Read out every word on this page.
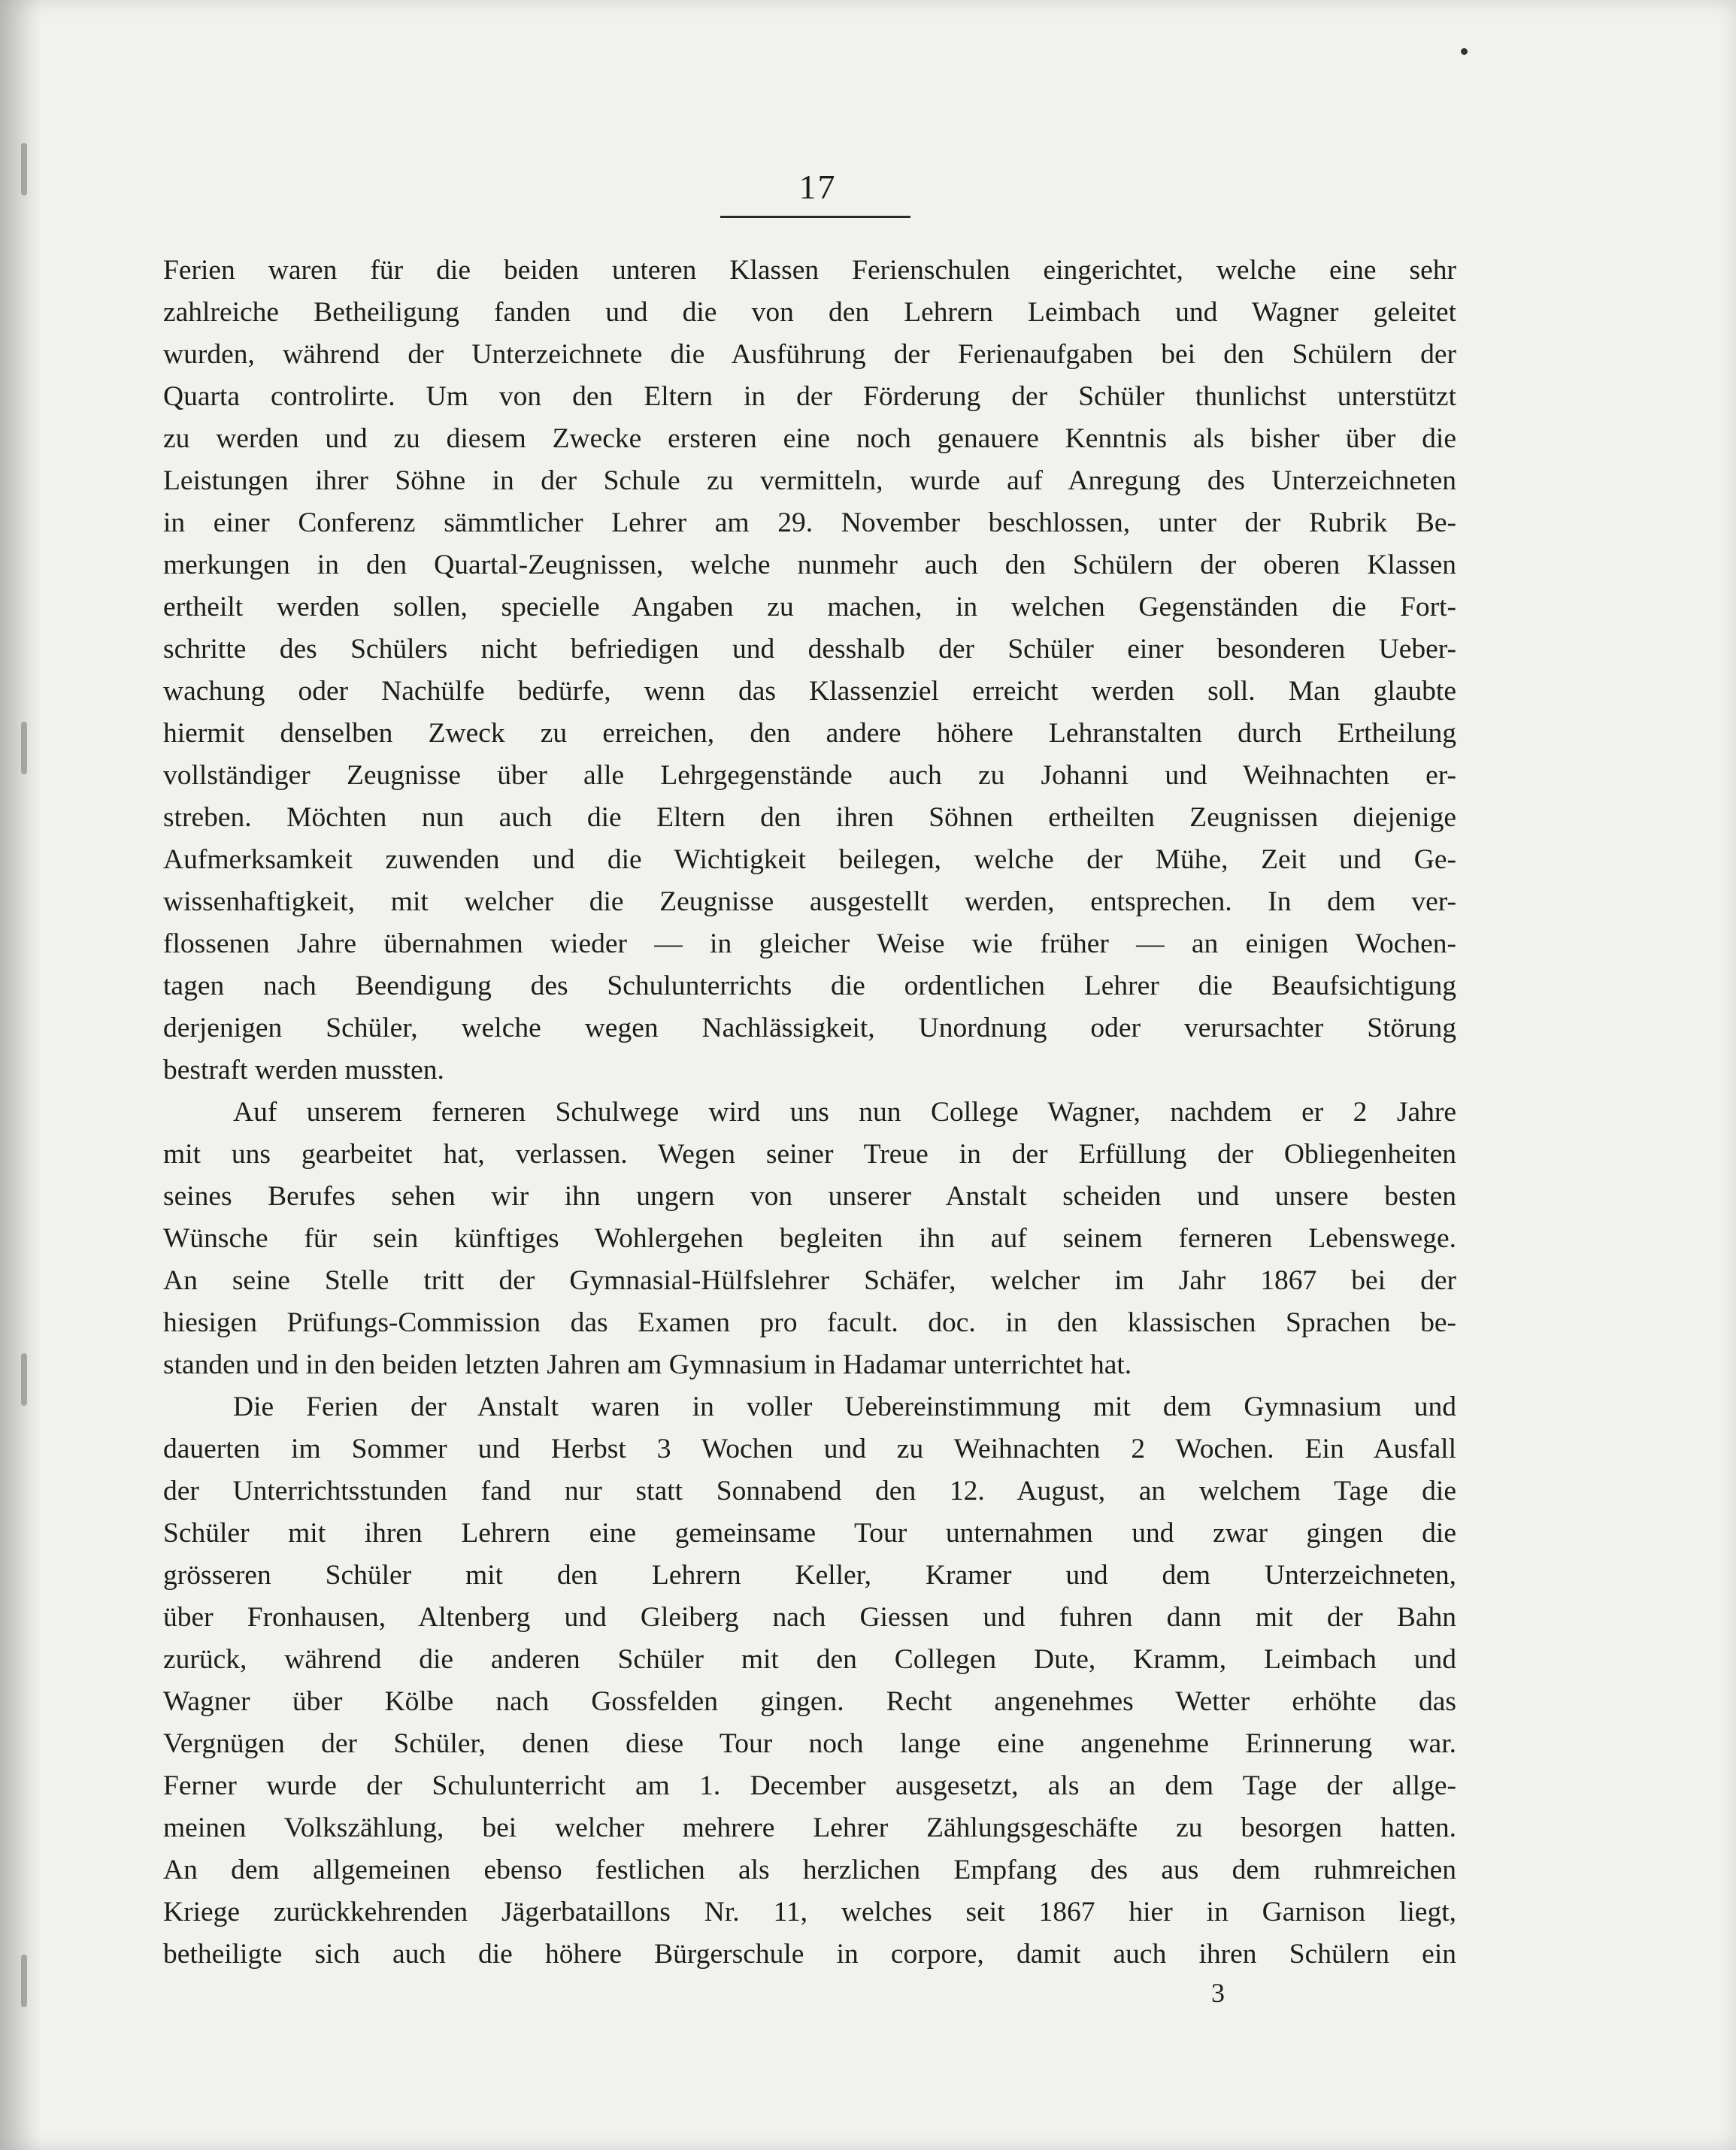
17
Ferien waren für die beiden unteren Klassen Ferienschulen eingerichtet, welche eine sehr
zahlreiche Betheiligung fanden und die von den Lehrern Leimbach und Wagner geleitet
wurden, während der Unterzeichnete die Ausführung der Ferienaufgaben bei den Schülern der
Quarta controlirte. Um von den Eltern in der Förderung der Schüler thunlichst unterstützt
zu werden und zu diesem Zwecke ersteren eine noch genauere Kenntnis als bisher über die
Leistungen ihrer Söhne in der Schule zu vermitteln, wurde auf Anregung des Unterzeichneten
in einer Conferenz sämmtlicher Lehrer am 29. November beschlossen, unter der Rubrik Be-
merkungen in den Quartal-Zeugnissen, welche nunmehr auch den Schülern der oberen Klassen
ertheilt werden sollen, specielle Angaben zu machen, in welchen Gegenständen die Fort-
schritte des Schülers nicht befriedigen und desshalb der Schüler einer besonderen Ueber-
wachung oder Nachülfe bedürfe, wenn das Klassenziel erreicht werden soll. Man glaubte
hiermit denselben Zweck zu erreichen, den andere höhere Lehranstalten durch Ertheilung
vollständiger Zeugnisse über alle Lehrgegenstände auch zu Johanni und Weihnachten er-
streben. Möchten nun auch die Eltern den ihren Söhnen ertheilten Zeugnissen diejenige
Aufmerksamkeit zuwenden und die Wichtigkeit beilegen, welche der Mühe, Zeit und Ge-
wissenhaftigkeit, mit welcher die Zeugnisse ausgestellt werden, entsprechen. In dem ver-
flossenen Jahre übernahmen wieder — in gleicher Weise wie früher — an einigen Wochen-
tagen nach Beendigung des Schulunterrichts die ordentlichen Lehrer die Beaufsichtigung
derjenigen Schüler, welche wegen Nachlässigkeit, Unordnung oder verursachter Störung
bestraft werden mussten.
Auf unserem ferneren Schulwege wird uns nun College Wagner, nachdem er 2 Jahre
mit uns gearbeitet hat, verlassen. Wegen seiner Treue in der Erfüllung der Obliegenheiten
seines Berufes sehen wir ihn ungern von unserer Anstalt scheiden und unsere besten
Wünsche für sein künftiges Wohlergehen begleiten ihn auf seinem ferneren Lebenswege.
An seine Stelle tritt der Gymnasial-Hülfslehrer Schäfer, welcher im Jahr 1867 bei der
hiesigen Prüfungs-Commission das Examen pro facult. doc. in den klassischen Sprachen be-
standen und in den beiden letzten Jahren am Gymnasium in Hadamar unterrichtet hat.
Die Ferien der Anstalt waren in voller Uebereinstimmung mit dem Gymnasium und
dauerten im Sommer und Herbst 3 Wochen und zu Weihnachten 2 Wochen. Ein Ausfall
der Unterrichtsstunden fand nur statt Sonnabend den 12. August, an welchem Tage die
Schüler mit ihren Lehrern eine gemeinsame Tour unternahmen und zwar gingen die
grösseren Schüler mit den Lehrern Keller, Kramer und dem Unterzeichneten,
über Fronhausen, Altenberg und Gleiberg nach Giessen und fuhren dann mit der Bahn
zurück, während die anderen Schüler mit den Collegen Dute, Kramm, Leimbach und
Wagner über Kölbe nach Gossfelden gingen. Recht angenehmes Wetter erhöhte das
Vergnügen der Schüler, denen diese Tour noch lange eine angenehme Erinnerung war.
Ferner wurde der Schulunterricht am 1. December ausgesetzt, als an dem Tage der allge-
meinen Volkszählung, bei welcher mehrere Lehrer Zählungsgeschäfte zu besorgen hatten.
An dem allgemeinen ebenso festlichen als herzlichen Empfang des aus dem ruhmreichen
Kriege zurückkehrenden Jägerbataillons Nr. 11, welches seit 1867 hier in Garnison liegt,
betheiligte sich auch die höhere Bürgerschule in corpore, damit auch ihren Schülern ein
3
